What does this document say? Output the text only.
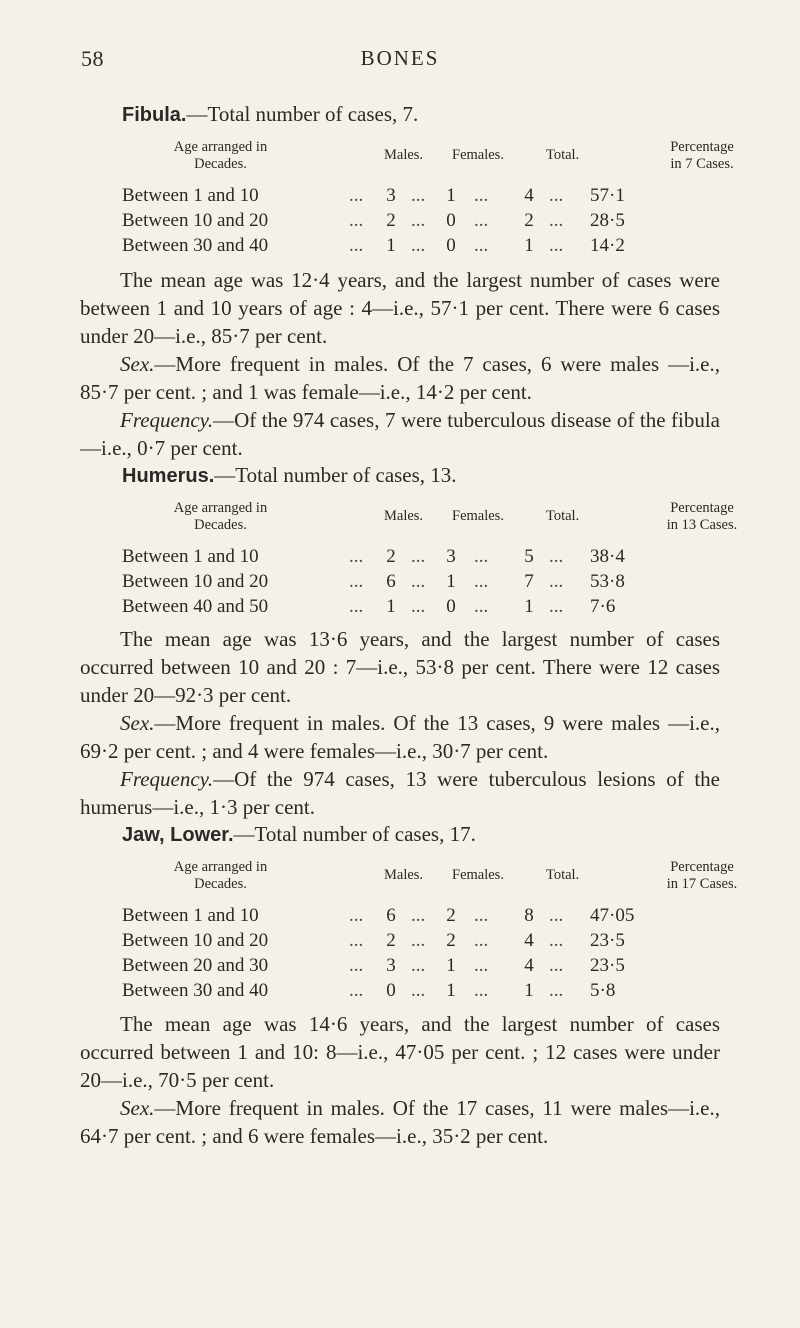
58	BONES
Fibula.—Total number of cases, 7.
Age arranged in
Decades.
Males. Females.	Total.	Percentage
in 7 Cases.
Between 1 and 10	... 3 ... 1 ... 4 ... 57·1
Between 10 and 20	... 2 ... 0 ... 2 ... 28·5
Between 30 and 40	... 1 ... 0 ... 1 ... 14·2

The mean age was 12·4 years, and the largest number of cases were between 1 and 10 years of age : 4—i.e., 57·1 per cent. There were 6 cases under 20—i.e., 85·7 per cent.

Sex.—More frequent in males. Of the 7 cases, 6 were males —i.e., 85·7 per cent. ; and 1 was female—i.e., 14·2 per cent.

Frequency.—Of the 974 cases, 7 were tuberculous disease of the fibula—i.e., 0·7 per cent.

Humerus.—Total number of cases, 13.
Age arranged in
Decades.
Males. Females.	Total.	Percentage
in 13 Cases.
Between 1 and 10	... 2 ... 3 ... 5 ... 38·4
Between 10 and 20	... 6 ... 1 ... 7 ... 53·8
Between 40 and 50	... 1 ... 0 ... 1 ... 7·6

The mean age was 13·6 years, and the largest number of cases occurred between 10 and 20 : 7—i.e., 53·8 per cent. There were 12 cases under 20—92·3 per cent.

Sex.—More frequent in males. Of the 13 cases, 9 were males —i.e., 69·2 per cent. ; and 4 were females—i.e., 30·7 per cent.

Frequency.—Of the 974 cases, 13 were tuberculous lesions of the humerus—i.e., 1·3 per cent.

Jaw, Lower.—Total number of cases, 17.
Age arranged in
Decades.
Males. Females.	Total.	Percentage
in 17 Cases.
Between 1 and 10	... 6 ... 2 ... 8 ... 47·05
Between 10 and 20	... 2 ... 2 ... 4 ... 23·5
Between 20 and 30	... 3 ... 1 ... 4 ... 23·5
Between 30 and 40	... 0 ... 1 ... 1 ... 5·8

The mean age was 14·6 years, and the largest number of cases occurred between 1 and 10: 8—i.e., 47·05 per cent. ; 12 cases were under 20—i.e., 70·5 per cent.

Sex.—More frequent in males. Of the 17 cases, 11 were males—i.e., 64·7 per cent. ; and 6 were females—i.e., 35·2 per cent.
